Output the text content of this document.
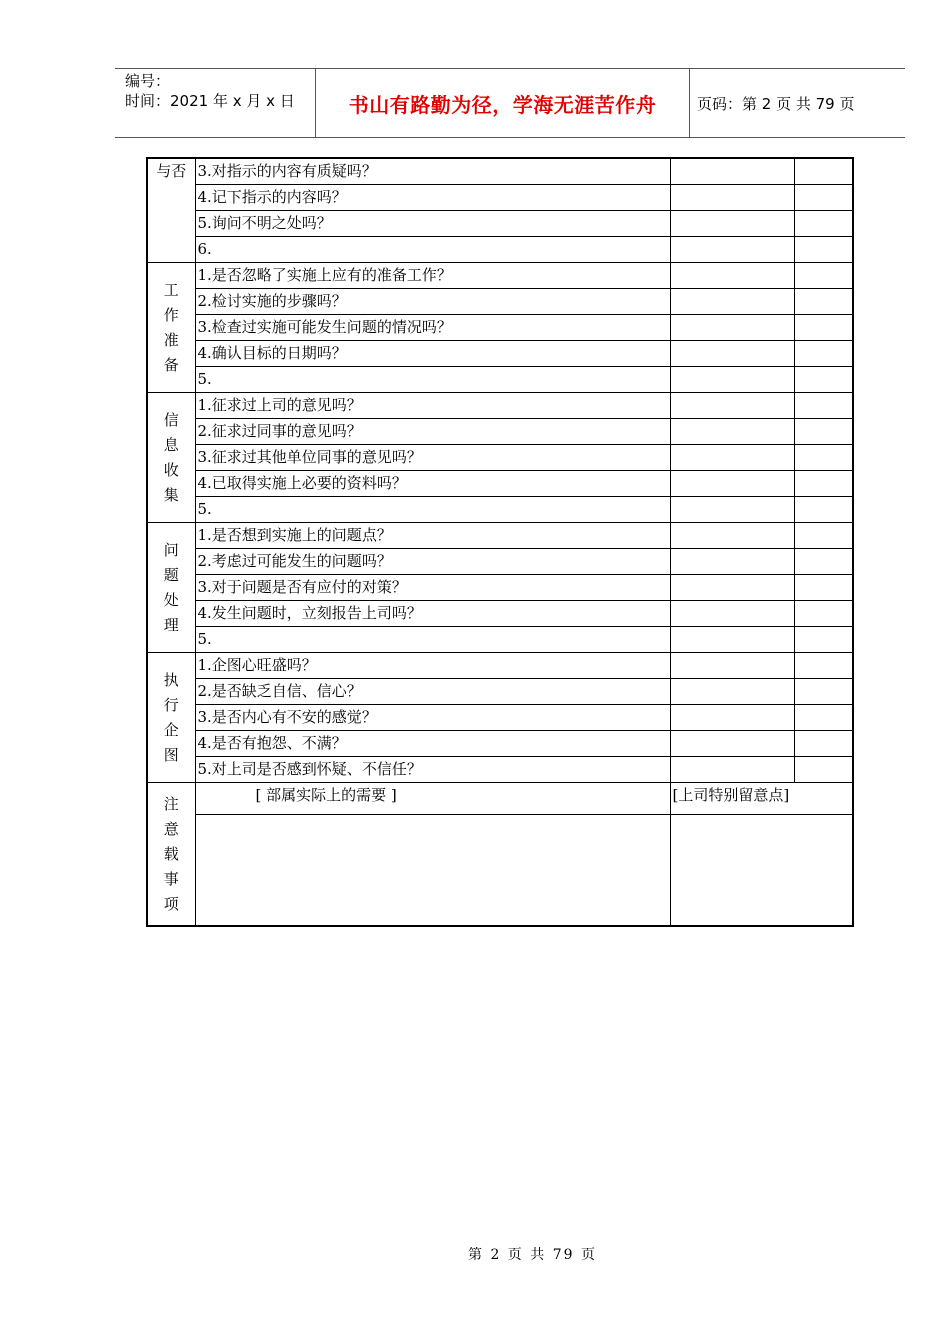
编号：
时间：2021 年 x 月 x 日	书山有路勤为径，学海无涯苦作舟	页码：第 2 页 共 79 页
与否	3.对指示的内容有质疑吗？		
	4.记下指示的内容吗？		
	5.询问不明之处吗？		
	6.		
工作准备	1.是否忽略了实施上应有的准备工作？		
	2.检讨实施的步骤吗？		
	3.检查过实施可能发生问题的情况吗？		
	4.确认目标的日期吗？		
	5.		
信息收集	1.征求过上司的意见吗？		
	2.征求过同事的意见吗？		
	3.征求过其他单位同事的意见吗？		
	4.已取得实施上必要的资料吗？		
	5.		
问题处理	1.是否想到实施上的问题点？		
	2.考虑过可能发生的问题吗？		
	3.对于问题是否有应付的对策？		
	4.发生问题时，立刻报告上司吗？		
	5.		
执行企图	1.企图心旺盛吗？		
	2.是否缺乏自信、信心？		
	3.是否内心有不安的感觉？		
	4.是否有抱怨、不满？		
	5.对上司是否感到怀疑、不信任？		
注意载事项	[ 部属实际上的需要 ]	[上司特别留意点]	

第 2 页 共 79 页
